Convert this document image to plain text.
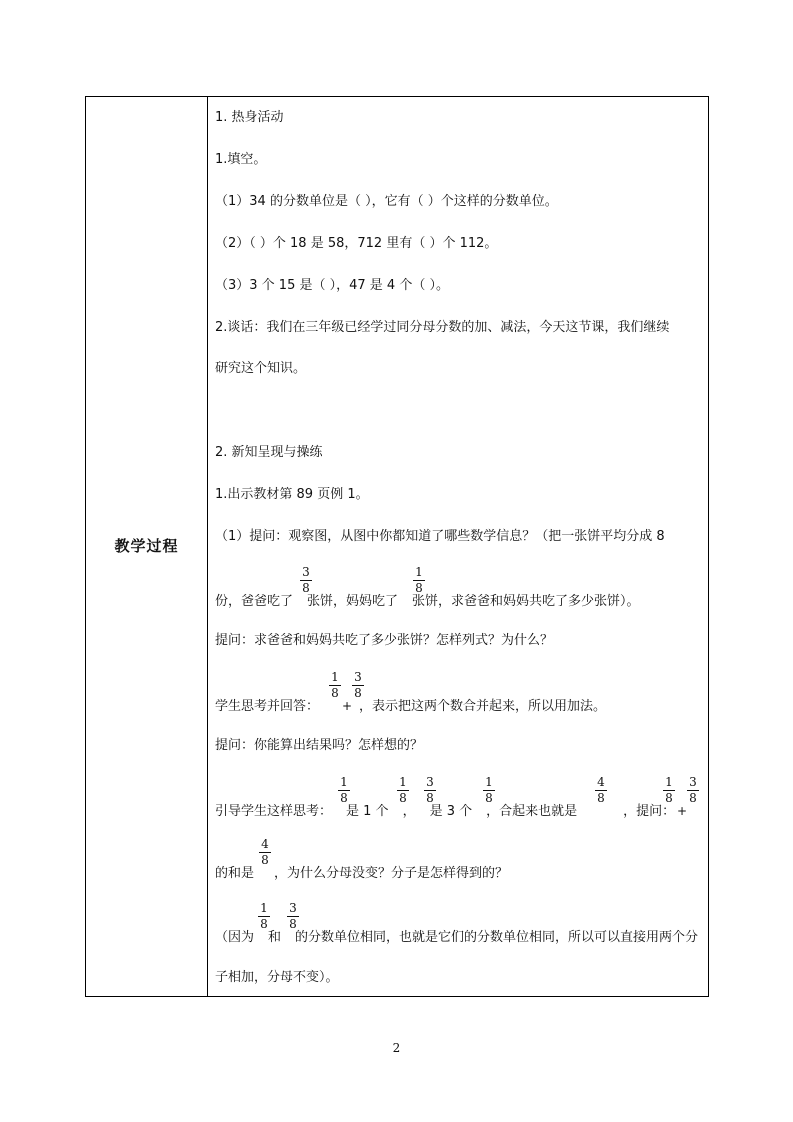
教学过程
1. 热身活动
1.填空。
（1）34 的分数单位是（ ），它有（ ）个这样的分数单位。
（2）（ ）个 18 是 58，712 里有（ ）个 112。
（3）3 个 15 是（ ），47 是 4 个（ ）。
2.谈话：我们在三年级已经学过同分母分数的加、减法，今天这节课，我们继续
研究这个知识。
2. 新知呈现与操练
1.出示教材第 89 页例 1。
（1）提问：观察图，从图中你都知道了哪些数学信息？（把一张饼平均分成 8
份，爸爸吃了 张饼，妈妈吃了 张饼，求爸爸和妈妈共吃了多少张饼）。
3
8
1
8
提问：求爸爸和妈妈共吃了多少张饼？怎样列式？为什么？
学生思考并回答：	，表示把这两个数合并起来，所以用加法。
1
8
+
3
8
提问：你能算出结果吗？怎样想的？
引导学生这样思考： 是 1 个 ， 是 3 个 ，合起来也就是	，提问：
1
8
1
8
3
8
1
8
4
8
1
8
+
3
8
的和是 ，为什么分母没变？分子是怎样得到的？
4
8
（因为 和 的分数单位相同，也就是它们的分数单位相同，所以可以直接用两个分
1
8
3
8
子相加，分母不变）。
2
